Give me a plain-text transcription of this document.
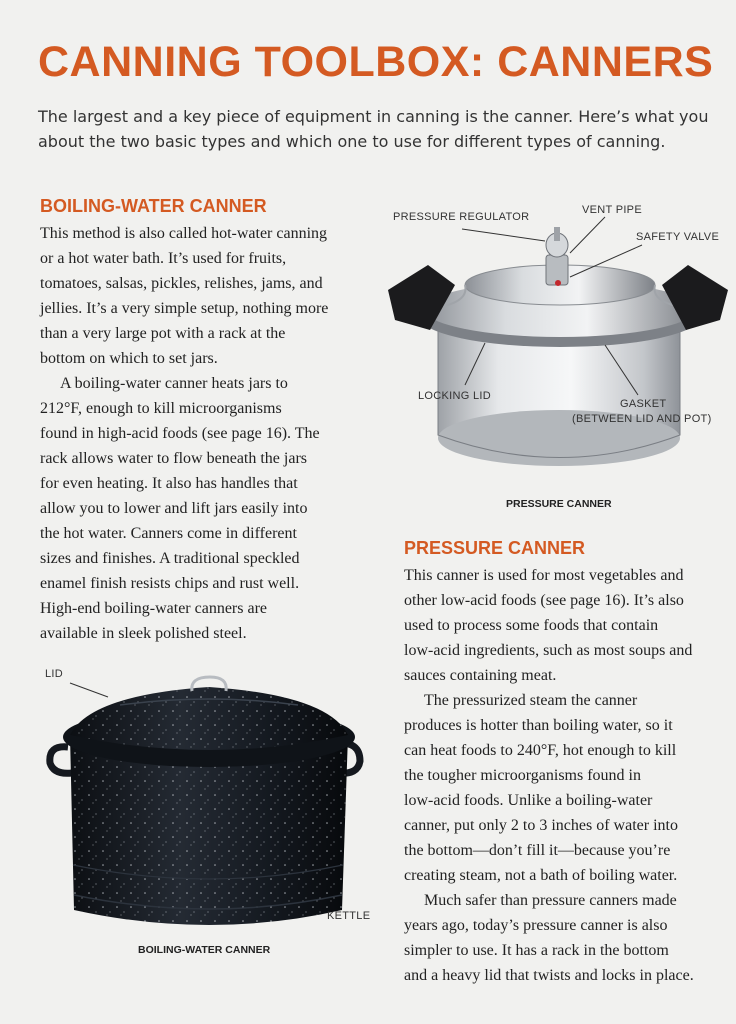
CANNING TOOLBOX: CANNERS

The largest and a key piece of equipment in canning is the canner. Here’s what you

about the two basic types and which one to use for different types of canning.

BOILING-WATER CANNER

This method is also called hot-water canning

or a hot water bath. It’s used for fruits,

tomatoes, salsas, pickles, relishes, jams, and

jellies. It’s a very simple setup, nothing more

than a very large pot with a rack at the

bottom on which to set jars.

A boiling-water canner heats jars to

212°F, enough to kill microorganisms

found in high-acid foods (see page 16). The

rack allows water to flow beneath the jars

for even heating. It also has handles that

allow you to lower and lift jars easily into

the hot water. Canners come in different

sizes and finishes. A traditional speckled

enamel finish resists chips and rust well.

High-end boiling-water canners are

available in sleek polished steel.

PRESSURE REGULATOR
VENT PIPE
SAFETY VALVE
LOCKING LID
GASKET
(BETWEEN LID AND POT)
PRESSURE CANNER
PRESSURE CANNER

This canner is used for most vegetables and

other low-acid foods (see page 16). It’s also

used to process some foods that contain

low-acid ingredients, such as most soups and

sauces containing meat.

The pressurized steam the canner

produces is hotter than boiling water, so it

can heat foods to 240°F, hot enough to kill

the tougher microorganisms found in

low-acid foods. Unlike a boiling-water

canner, put only 2 to 3 inches of water into

the bottom—don’t fill it—because you’re

creating steam, not a bath of boiling water.

Much safer than pressure canners made

years ago, today’s pressure canner is also

simpler to use. It has a rack in the bottom

and a heavy lid that twists and locks in place.

LID
KETTLE
BOILING-WATER CANNER
